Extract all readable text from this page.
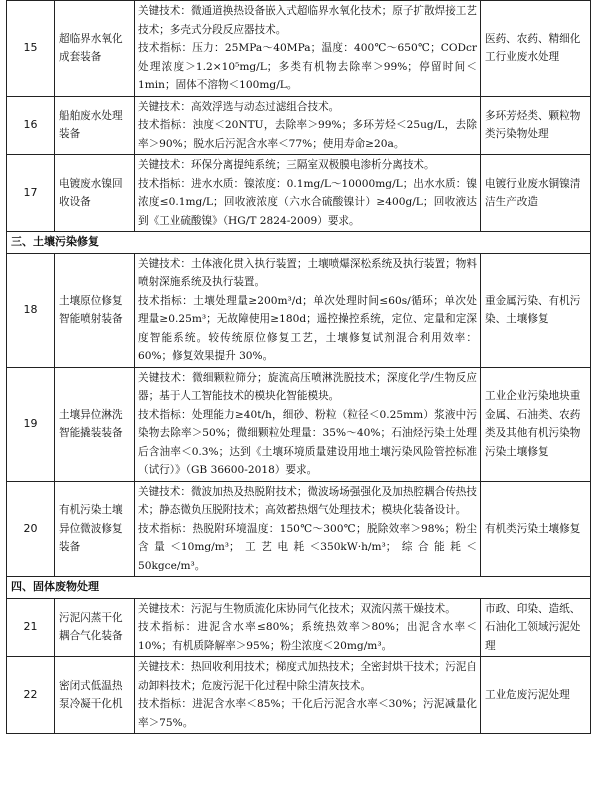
15	超临界水氧化成套装备	关键技术：微通道换热设备嵌入式超临界水氧化技术；原子扩散焊接工艺技术；多壳式分段反应器技术。
技术指标：压力：25MPa～40MPa；温度：400℃～650℃；CODcr处理浓度＞1.2×10⁵mg/L；多类有机物去除率＞99%；停留时间＜1min；固体不溶物＜100mg/L。	医药、农药、精细化工行业废水处理
16	船舶废水处理装备	关键技术：高效浮选与动态过滤组合技术。
技术指标：浊度＜20NTU，去除率＞99%；多环芳烃＜25ug/L，去除率＞90%；脱水后污泥含水率＜77%；使用寿命≥20a。	多环芳烃类、颗粒物类污染物处理
17	电镀废水镍回收设备	关键技术：环保分离提纯系统；三隔室双极膜电渗析分离技术。
技术指标：进水水质：镍浓度：0.1mg/L～10000mg/L；出水水质：镍浓度≤0.1mg/L；回收液浓度（六水合硫酸镍计）≥400g/L；回收液达到《工业硫酸镍》（HG/T 2824-2009）要求。	电镀行业废水铜镍清洁生产改造
三、土壤污染修复			
18	土壤原位修复智能喷射装备	关键技术：土体液化贯入执行装置；土壤喷爆深松系统及执行装置；物料喷射深施系统及执行装置。
技术指标：土壤处理量≥200m³/d；单次处理时间≤60s/循环；单次处理量≥0.25m³；无故障使用≥180d；遥控操控系统，定位、定量和定深度智能系统。较传统原位修复工艺，土壤修复试剂混合利用效率：60%；修复效果提升 30%。	重金属污染、有机污染、土壤修复
19	土壤异位淋洗智能撬装装备	关键技术：微细颗粒筛分；旋流高压喷淋洗脱技术；深度化学/生物反应器；基于人工智能技术的模块化智能模块。
技术指标：处理能力≥40t/h，细砂、粉粒（粒径＜0.25mm）浆液中污染物去除率＞50%；微细颗粒处理量：35%～40%；石油烃污染土处理后含油率＜0.3%；达到《土壤环境质量建设用地土壤污染风险管控标准（试行）》（GB 36600-2018）要求。	工业企业污染地块重金属、石油类、农药类及其他有机污染物污染土壤修复
20	有机污染土壤异位微波修复装备	关键技术：微波加热及热脱附技术；微波场场强强化及加热腔耦合传热技术；静态微负压脱附技术；高效蓄热烟气处理技术；模块化装备设计。
技术指标：热脱附环境温度：150℃～300℃；脱除效率＞98%；粉尘含量＜10mg/m³；工艺电耗＜350kW·h/m³；综合能耗＜50kgce/m³。	有机类污染土壤修复
四、固体废物处理			
21	污泥闪蒸干化耦合气化装备	关键技术：污泥与生物质流化床协同气化技术；双流闪蒸干燥技术。
技术指标：进泥含水率≤80%；系统热效率＞80%；出泥含水率＜10%；有机质降解率＞95%；粉尘浓度＜20mg/m³。	市政、印染、造纸、石油化工领域污泥处理
22	密闭式低温热泵冷凝干化机	关键技术：热回收利用技术；梯度式加热技术；全密封烘干技术；污泥自动卸料技术；危废污泥干化过程中除尘清灰技术。
技术指标：进泥含水率＜85%；干化后污泥含水率＜30%；污泥减量化率＞75%。	工业危废污泥处理
